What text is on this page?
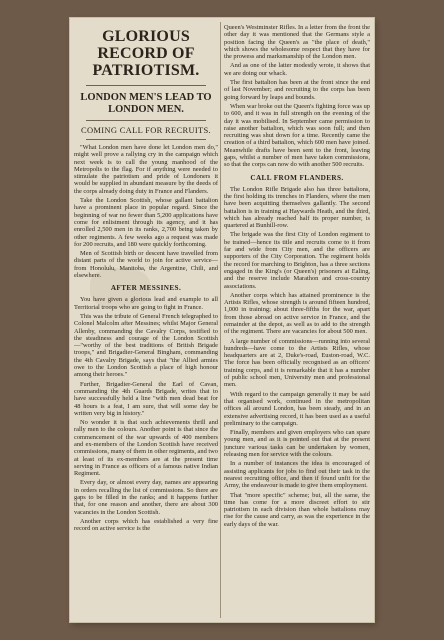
GLORIOUS RECORD OF PATRIOTISM.
LONDON MEN'S LEAD TO LONDON MEN.
COMING CALL FOR RECRUITS.

"What London men have done let London men do," might well prove a rallying cry in the campaign which next week is to call the young manhood of the Metropolis to the flag. For if anything were needed to stimulate the patriotism and pride of Londoners it would be supplied in abundant measure by the deeds of the corps already doing duty in France and Flanders.

Take the London Scottish, whose gallant battalion have a prominent place in popular regard. Since the beginning of war no fewer than 5,200 applications have come for enlistment through its agency, and it has enrolled 2,500 men in its ranks, 2,700 being taken by other regiments. A few weeks ago a request was made for 200 recruits, and 180 were quickly forthcoming.

Men of Scottish birth or descent have travelled from distant parts of the world to join for active service—from Honolulu, Manitoba, the Argentine, Chili, and elsewhere.

AFTER MESSINES.

You have given a glorious lead and example to all Territorial troops who are going to fight in France.

This was the tribute of General French telegraphed to Colonel Malcolm after Messines; whilst Major General Allenby, commanding the Cavalry Corps, testified to the steadiness and courage of the London Scottish—"worthy of the best traditions of British Brigade troops," and Brigadier-General Bingham, commanding the 4th Cavalry Brigade, says that "the Allied armies owe to the London Scottish a place of high honour among their heroes."

Further, Brigadier-General the Earl of Cavan, commanding the 4th Guards Brigade, writes that to have successfully held a line "with men dead beat for 48 hours is a feat, I am sure, that will some day be written very big in history."

No wonder it is that such achievements thrill and rally men to the colours. Another point is that since the commencement of the war upwards of 400 members and ex-members of the London Scottish have received commissions, many of them in other regiments, and two at least of its ex-members are at the present time serving in France as officers of a famous native Indian Regiment.

Every day, or almost every day, names are appearing in orders recalling the list of commissions. So there are gaps to be filled in the ranks; and it happens further that, for one reason and another, there are about 300 vacancies in the London Scottish.

Another corps which has established a very fine record on active service is the

Queen's Westminster Rifles. In a letter from the front the other day it was mentioned that the Germans style a position facing the Queen's as "the place of death," which shows the wholesome respect that they have for the prowess and marksmanship of the London men.

And as one of the latter modestly wrote, it shows that we are doing our whack.

The first battalion has been at the front since the end of last November; and recruiting to the corps has been going forward by leaps and bounds.

When war broke out the Queen's fighting force was up to 600, and it was in full strength on the evening of the day it was mobilised. In September came permission to raise another battalion, which was soon full; and then recruiting was shut down for a time. Recently came the creation of a third battalion, which 600 men have joined. Meanwhile drafts have been sent to the front, leaving gaps, whilst a number of men have taken commissions, so that the corps can now do with another 500 recruits.

CALL FROM FLANDERS.

The London Rifle Brigade also has three battalions, the first holding its trenches in Flanders, where the men have been acquitting themselves gallantly. The second battalion is in training at Haywards Heath, and the third, which has already reached half its proper number, is quartered at Bunhill-row.

The brigade was the first City of London regiment to be trained—hence its title and recruits come to it from far and wide from City men, and the officers are supporters of the City Corporation. The regiment holds the record for marching to Brighton, has a three sections engaged in the King's (or Queen's) prisoners at Ealing, and the reserve include Marathon and cross-country associations.

Another corps which has attained prominence is the Artists Rifles, whose strength is around fifteen hundred, 1,000 in training; about three-fifths for the war, apart from those abroad on active service in France, and the remainder at the depot, as well as to add to the strength of the regiment. There are vacancies for about 500 men.

A large number of commissions—running into several hundreds—have come to the Artists Rifles, whose headquarters are at 2, Duke's-road, Euston-road, W.C. The force has been officially recognised as an officers' training corps, and it is remarkable that it has a number of public school men, University men and professional men.

With regard to the campaign generally it may be said that organised work, continued in the metropolitan offices all around London, has been steady, and in an extensive advertising record, it has been used as a useful preliminary to the campaign.

Finally, members and given employers who can spare young men, and as it is pointed out that at the present juncture various tasks can be undertaken by women, releasing men for service with the colours.

In a number of instances the idea is encouraged of assisting applicants for jobs to find out their task in the nearest recruiting office, and then if found unfit for the Army, the endeavour is made to give them employment.

That "more specific" scheme; but, all the same, the time has come for a more discreet effort to stir patriotism in each division than whole battalions may rise for the cause and carry, as was the experience in the early days of the war.
